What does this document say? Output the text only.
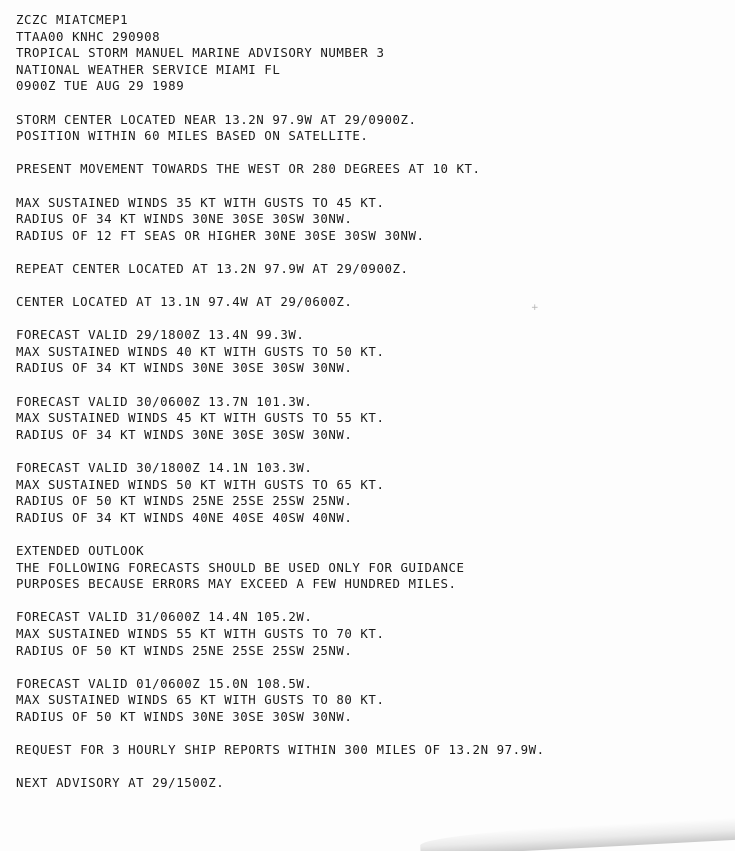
ZCZC MIATCMEP1
TTAA00 KNHC 290908
TROPICAL STORM MANUEL MARINE ADVISORY NUMBER 3
NATIONAL WEATHER SERVICE MIAMI FL
0900Z TUE AUG 29 1989
STORM CENTER LOCATED NEAR 13.2N 97.9W AT 29/0900Z.
POSITION WITHIN 60 MILES BASED ON SATELLITE.
PRESENT MOVEMENT TOWARDS THE WEST OR 280 DEGREES AT 10 KT.
MAX SUSTAINED WINDS 35 KT WITH GUSTS TO 45 KT.
RADIUS OF 34 KT WINDS 30NE 30SE 30SW 30NW.
RADIUS OF 12 FT SEAS OR HIGHER 30NE 30SE 30SW 30NW.
REPEAT CENTER LOCATED AT 13.2N 97.9W AT 29/0900Z.
CENTER LOCATED AT 13.1N 97.4W AT 29/0600Z.
FORECAST VALID 29/1800Z 13.4N 99.3W.
MAX SUSTAINED WINDS 40 KT WITH GUSTS TO 50 KT.
RADIUS OF 34 KT WINDS 30NE 30SE 30SW 30NW.
FORECAST VALID 30/0600Z 13.7N 101.3W.
MAX SUSTAINED WINDS 45 KT WITH GUSTS TO 55 KT.
RADIUS OF 34 KT WINDS 30NE 30SE 30SW 30NW.
FORECAST VALID 30/1800Z 14.1N 103.3W.
MAX SUSTAINED WINDS 50 KT WITH GUSTS TO 65 KT.
RADIUS OF 50 KT WINDS 25NE 25SE 25SW 25NW.
RADIUS OF 34 KT WINDS 40NE 40SE 40SW 40NW.
EXTENDED OUTLOOK
THE FOLLOWING FORECASTS SHOULD BE USED ONLY FOR GUIDANCE
PURPOSES BECAUSE ERRORS MAY EXCEED A FEW HUNDRED MILES.
FORECAST VALID 31/0600Z 14.4N 105.2W.
MAX SUSTAINED WINDS 55 KT WITH GUSTS TO 70 KT.
RADIUS OF 50 KT WINDS 25NE 25SE 25SW 25NW.
FORECAST VALID 01/0600Z 15.0N 108.5W.
MAX SUSTAINED WINDS 65 KT WITH GUSTS TO 80 KT.
RADIUS OF 50 KT WINDS 30NE 30SE 30SW 30NW.
REQUEST FOR 3 HOURLY SHIP REPORTS WITHIN 300 MILES OF 13.2N 97.9W.
NEXT ADVISORY AT 29/1500Z.
+
